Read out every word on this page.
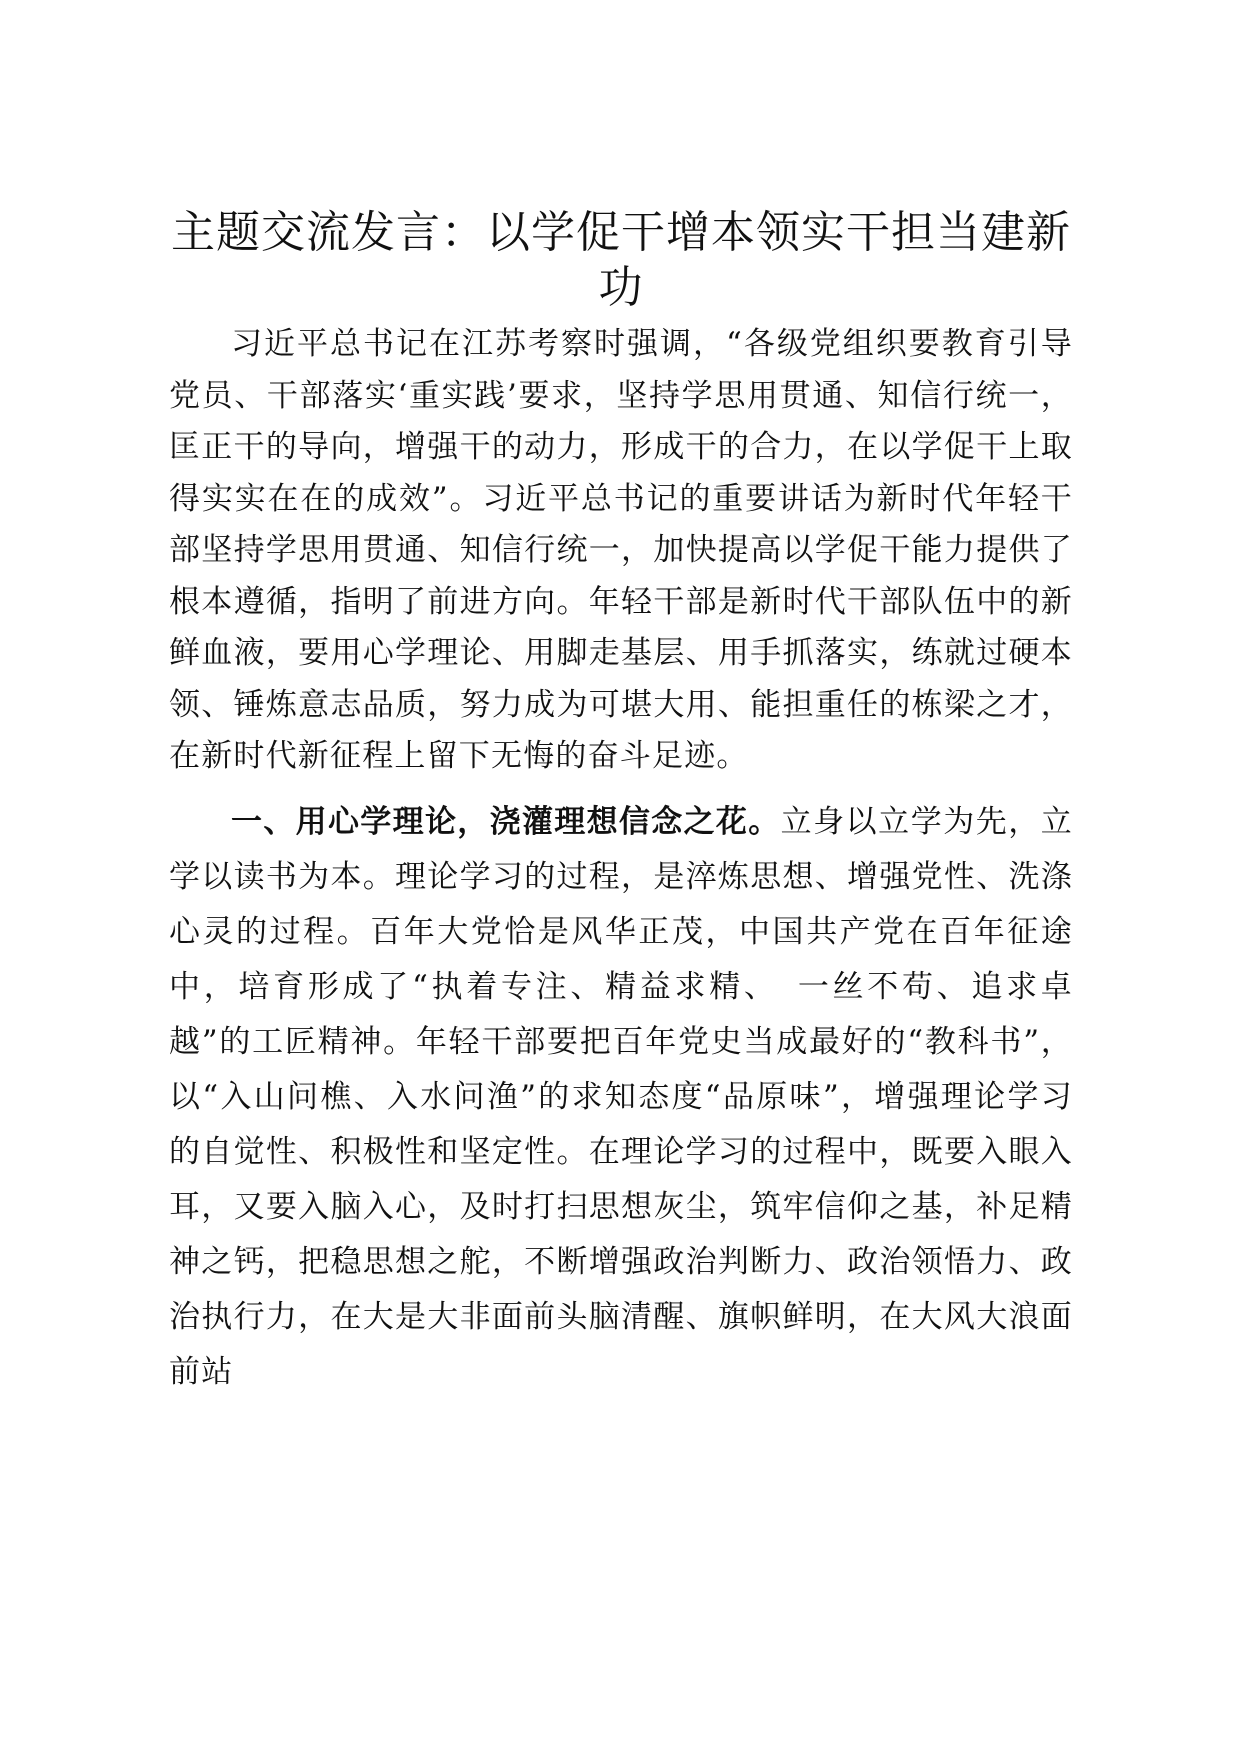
主题交流发言：以学促干增本领实干担当建新功

习近平总书记在江苏考察时强调，“各级党组织要教育引导党员、干部落实‘重实践’要求，坚持学思用贯通、知信行统一，匡正干的导向，增强干的动力，形成干的合力，在以学促干上取得实实在在的成效”。习近平总书记的重要讲话为新时代年轻干部坚持学思用贯通、知信行统一，加快提高以学促干能力提供了根本遵循，指明了前进方向。年轻干部是新时代干部队伍中的新鲜血液，要用心学理论、用脚走基层、用手抓落实，练就过硬本领、锤炼意志品质，努力成为可堪大用、能担重任的栋梁之才，在新时代新征程上留下无悔的奋斗足迹。

一、用心学理论，浇灌理想信念之花。立身以立学为先，立学以读书为本。理论学习的过程，是淬炼思想、增强党性、洗涤心灵的过程。百年大党恰是风华正茂，中国共产党在百年征途中，培育形成了“执着专注、精益求精、　一丝不苟、追求卓越”的工匠精神。年轻干部要把百年党史当成最好的“教科书”，以“入山问樵、入水问渔”的求知态度“品原味”，增强理论学习的自觉性、积极性和坚定性。在理论学习的过程中，既要入眼入耳，又要入脑入心，及时打扫思想灰尘，筑牢信仰之基，补足精神之钙，把稳思想之舵，不断增强政治判断力、政治领悟力、政治执行力，在大是大非面前头脑清醒、旗帜鲜明，在大风大浪面前站
